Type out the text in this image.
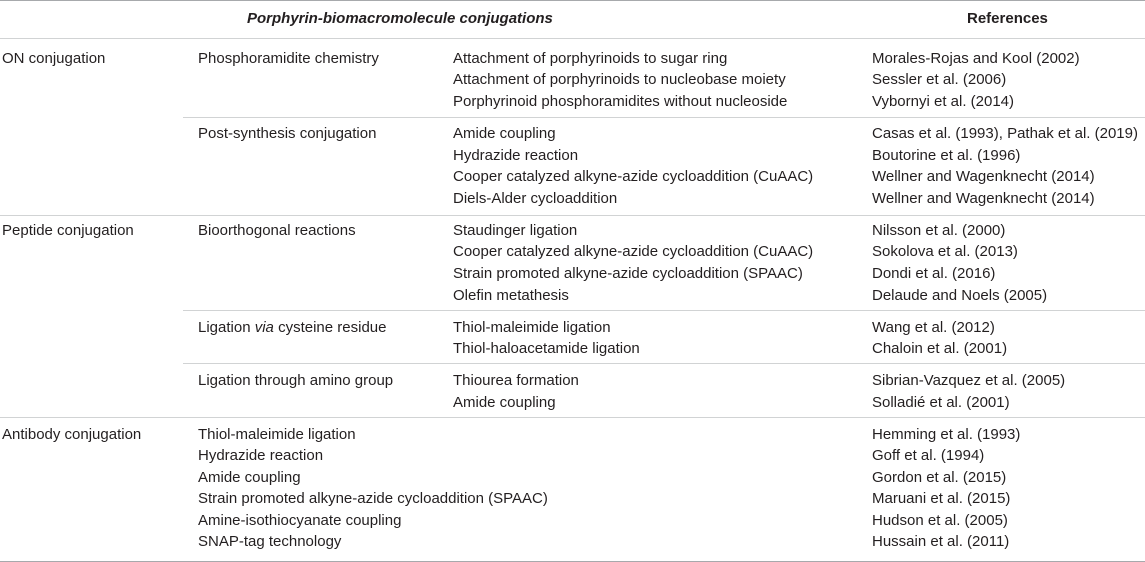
Porphyrin-biomacromolecule conjugations	References
ON conjugation	Phosphoramidite chemistry	Attachment of porphyrinoids to sugar ring	Morales-Rojas and Kool (2002)
Attachment of porphyrinoids to nucleobase moiety	Sessler et al. (2006)
Porphyrinoid phosphoramidites without nucleoside	Vybornyi et al. (2014)
Post-synthesis conjugation	Amide coupling	Casas et al. (1993), Pathak et al. (2019)
Hydrazide reaction	Boutorine et al. (1996)
Cooper catalyzed alkyne-azide cycloaddition (CuAAC)	Wellner and Wagenknecht (2014)
Diels-Alder cycloaddition	Wellner and Wagenknecht (2014)
Peptide conjugation	Bioorthogonal reactions	Staudinger ligation	Nilsson et al. (2000)
Cooper catalyzed alkyne-azide cycloaddition (CuAAC)	Sokolova et al. (2013)
Strain promoted alkyne-azide cycloaddition (SPAAC)	Dondi et al. (2016)
Olefin metathesis	Delaude and Noels (2005)
Ligation via cysteine residue	Thiol-maleimide ligation	Wang et al. (2012)
Thiol-haloacetamide ligation	Chaloin et al. (2001)
Ligation through amino group	Thiourea formation	Sibrian-Vazquez et al. (2005)
Amide coupling	Solladié et al. (2001)
Antibody conjugation	Thiol-maleimide ligation	Hemming et al. (1993)
Hydrazide reaction	Goff et al. (1994)
Amide coupling	Gordon et al. (2015)
Strain promoted alkyne-azide cycloaddition (SPAAC)	Maruani et al. (2015)
Amine-isothiocyanate coupling	Hudson et al. (2005)
SNAP-tag technology	Hussain et al. (2011)
